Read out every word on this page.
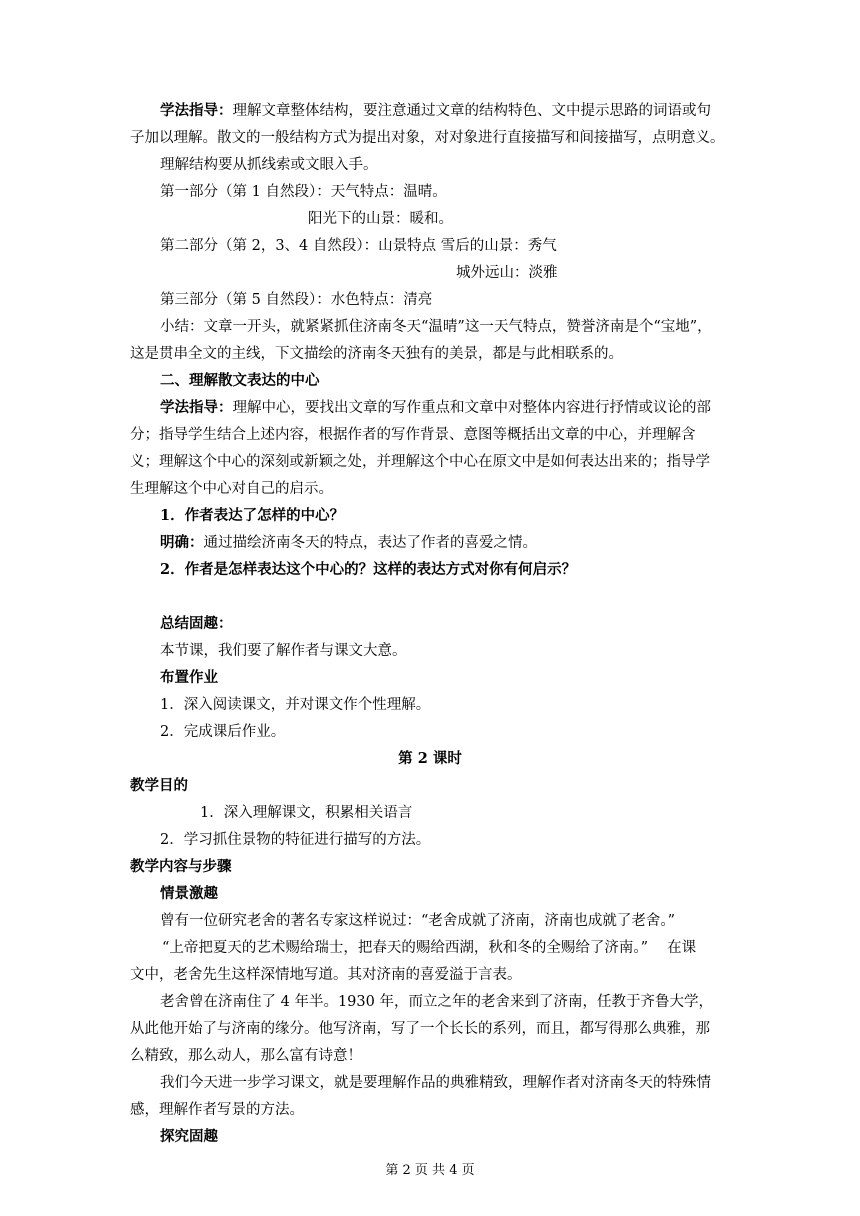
学法指导：理解文章整体结构，要注意通过文章的结构特色、文中提示思路的词语或句
子加以理解。散文的一般结构方式为提出对象，对对象进行直接描写和间接描写，点明意义。
理解结构要从抓线索或文眼入手。
第一部分（第 1 自然段）：天气特点：温晴。
阳光下的山景：暖和。
第二部分（第 2，3、4 自然段）：山景特点 雪后的山景：秀气
城外远山：淡雅
第三部分（第 5 自然段）：水色特点：清亮
小结：文章一开头，就紧紧抓住济南冬天“温晴”这一天气特点，赞誉济南是个“宝地”，
这是贯串全文的主线，下文描绘的济南冬天独有的美景，都是与此相联系的。
二、理解散文表达的中心
学法指导：理解中心，要找出文章的写作重点和文章中对整体内容进行抒情或议论的部
分；指导学生结合上述内容，根据作者的写作背景、意图等概括出文章的中心，并理解含
义；理解这个中心的深刻或新颖之处，并理解这个中心在原文中是如何表达出来的；指导学
生理解这个中心对自己的启示。
1．作者表达了怎样的中心？
明确：通过描绘济南冬天的特点，表达了作者的喜爱之情。
2．作者是怎样表达这个中心的？这样的表达方式对你有何启示？
总结固趣：
本节课，我们要了解作者与课文大意。
布置作业
1．深入阅读课文，并对课文作个性理解。
2．完成课后作业。
第 2 课时
教学目的
1．深入理解课文，积累相关语言
2．学习抓住景物的特征进行描写的方法。
教学内容与步骤
情景激趣
曾有一位研究老舍的著名专家这样说过：“老舍成就了济南，济南也成就了老舍。”
“上帝把夏天的艺术赐给瑞士，把春天的赐给西湖，秋和冬的全赐给了济南。”　 在课
文中，老舍先生这样深情地写道。其对济南的喜爱溢于言表。
老舍曾在济南住了 4 年半。1930 年，而立之年的老舍来到了济南，任教于齐鲁大学，
从此他开始了与济南的缘分。他写济南，写了一个长长的系列，而且，都写得那么典雅，那
么精致，那么动人，那么富有诗意！
我们今天进一步学习课文，就是要理解作品的典雅精致，理解作者对济南冬天的特殊情
感，理解作者写景的方法。
探究固趣
第 2 页 共 4 页
